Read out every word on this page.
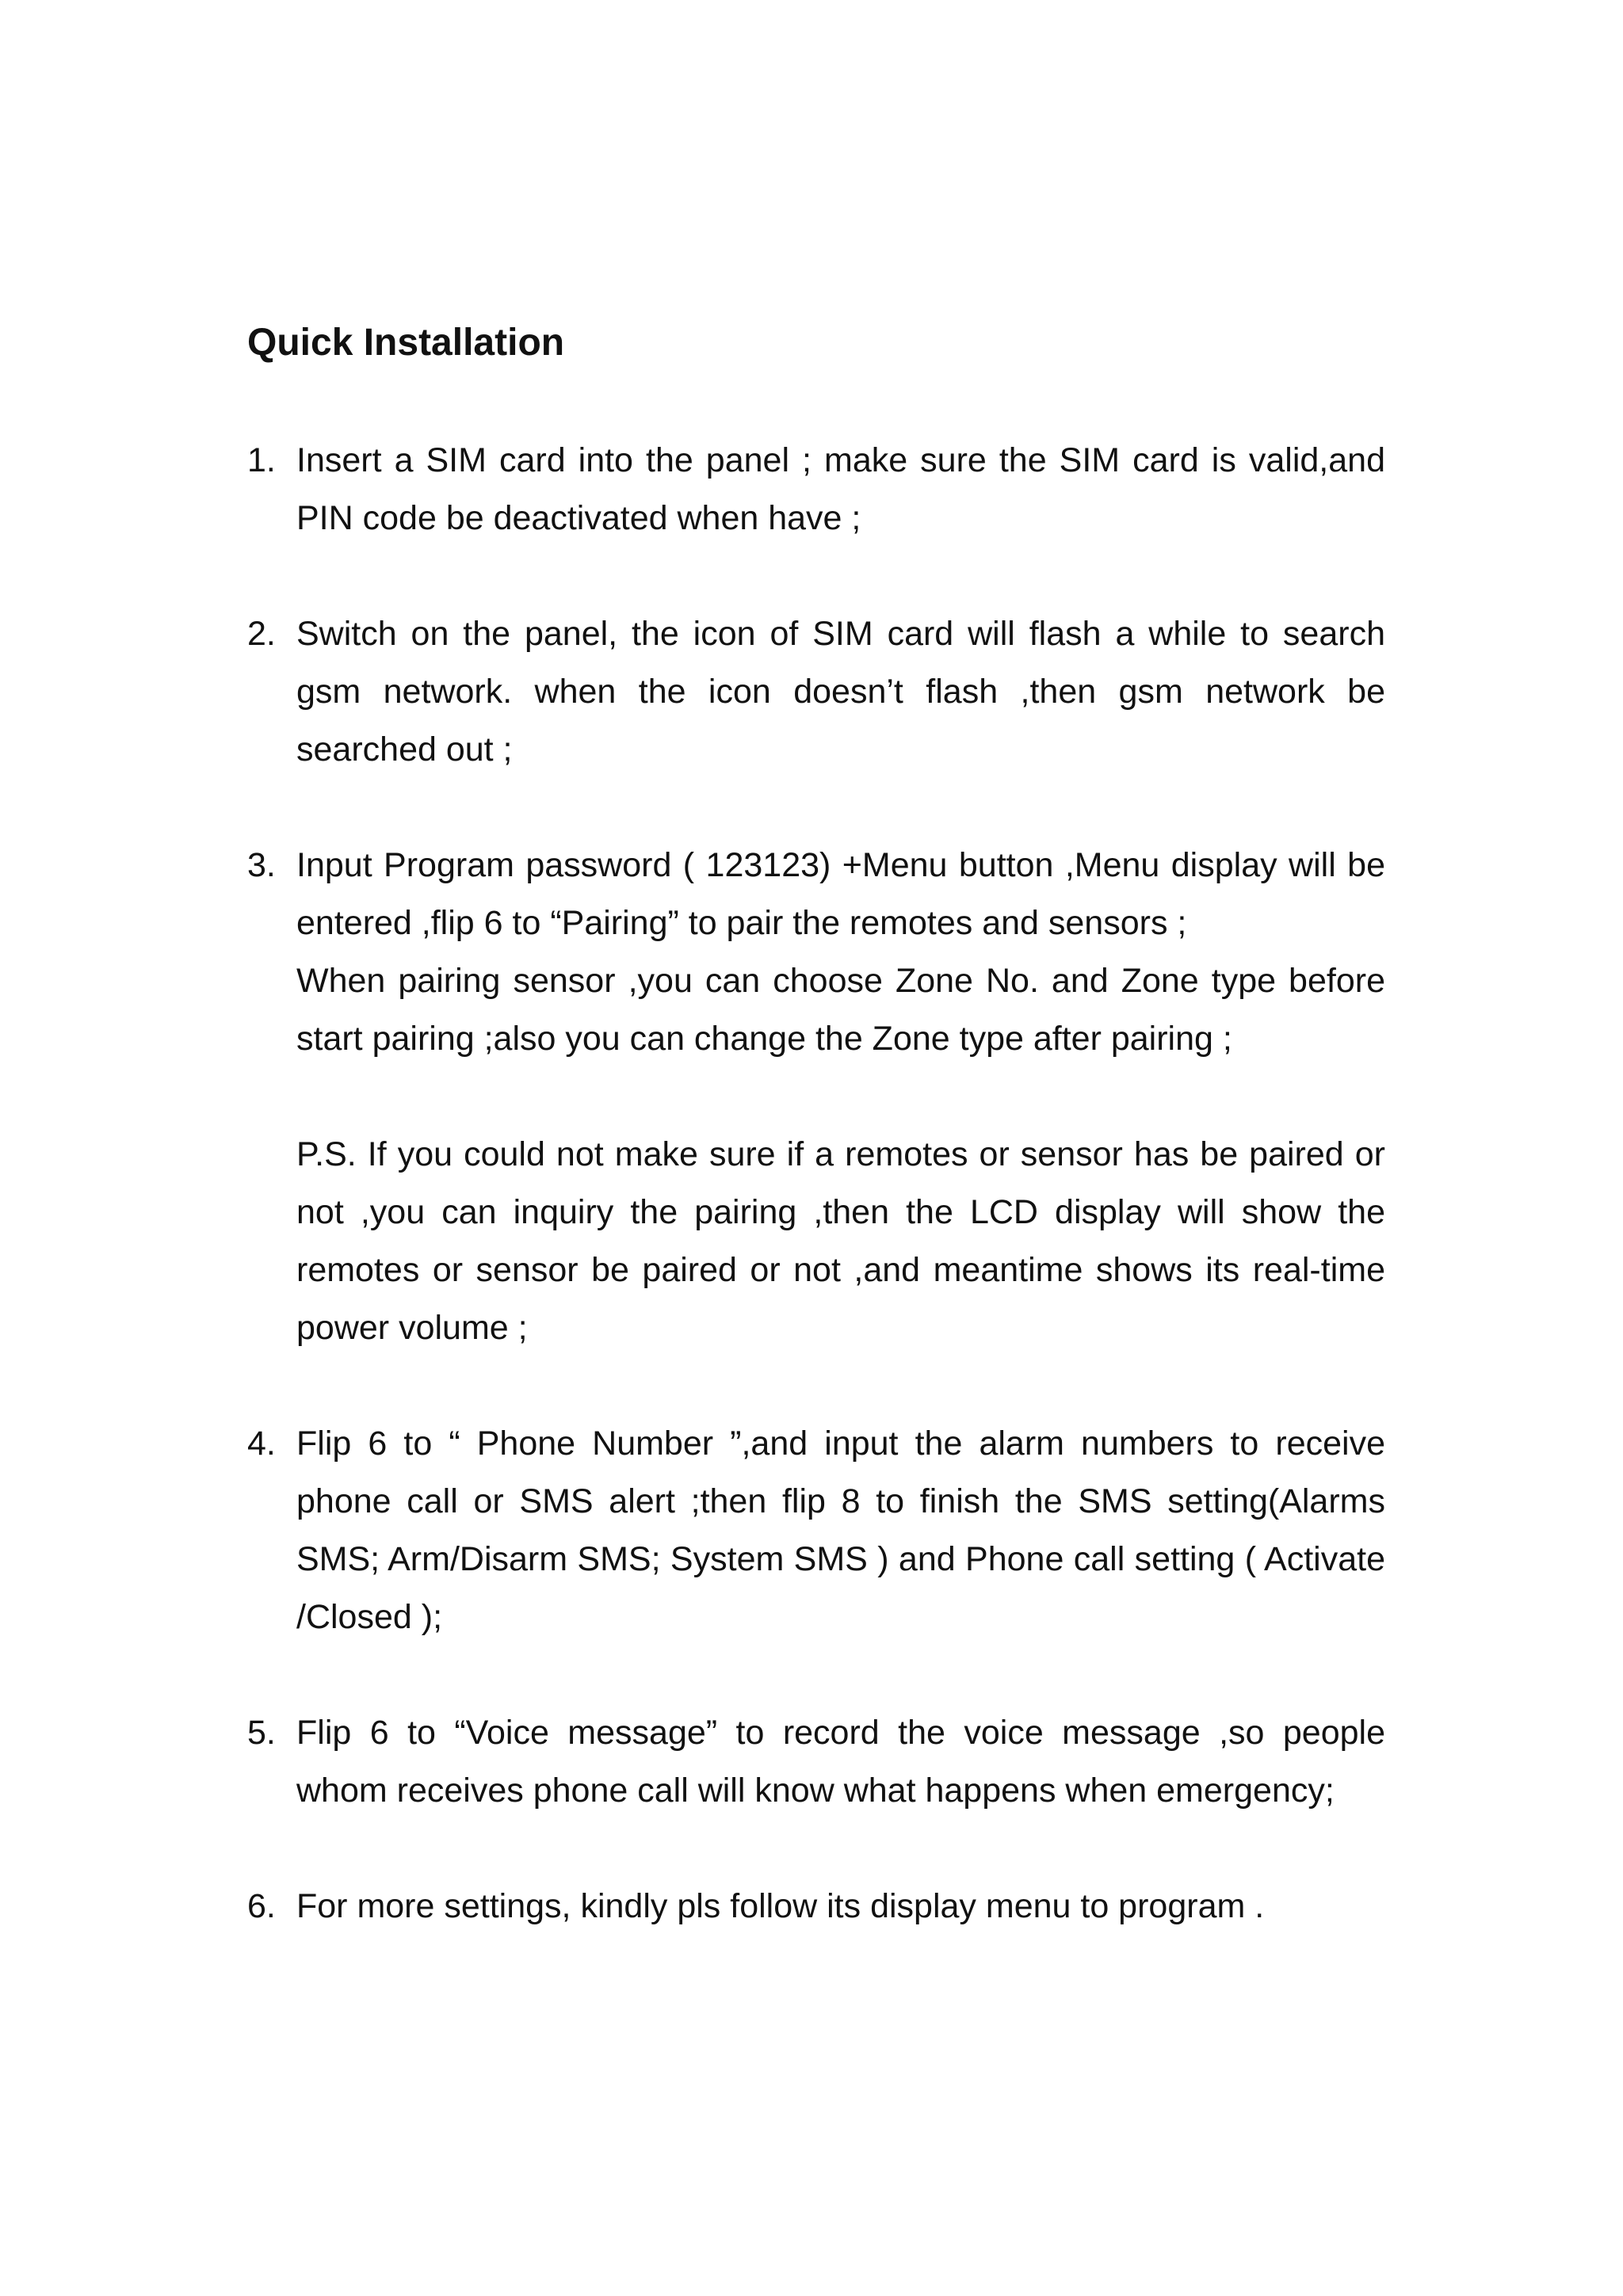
Quick Installation
1. Insert a SIM card into the panel ; make sure the SIM card is valid,and PIN code be deactivated when have ;

2. Switch on the panel, the icon of SIM card will flash a while to search gsm network. when the icon doesn’t flash ,then gsm network be searched out ;

3. Input Program password ( 123123) +Menu button ,Menu display will be entered ,flip 6 to “Pairing” to pair the remotes and sensors ;

When pairing sensor ,you can choose Zone No. and Zone type before start pairing ;also you can change the Zone type after pairing ;

P.S. If you could not make sure if a remotes or sensor has be paired or not ,you can inquiry the pairing ,then the LCD display will show the remotes or sensor be paired or not ,and meantime shows its real-time power volume ;

4. Flip 6 to “ Phone Number ”,and input the alarm numbers to receive phone call or SMS alert ;then flip 8 to finish the SMS setting(Alarms SMS; Arm/Disarm SMS; System SMS ) and Phone call setting ( Activate /Closed );

5. Flip 6 to “Voice message” to record the voice message ,so people whom receives phone call will know what happens when emergency;

6. For more settings, kindly pls follow its display menu to program .
